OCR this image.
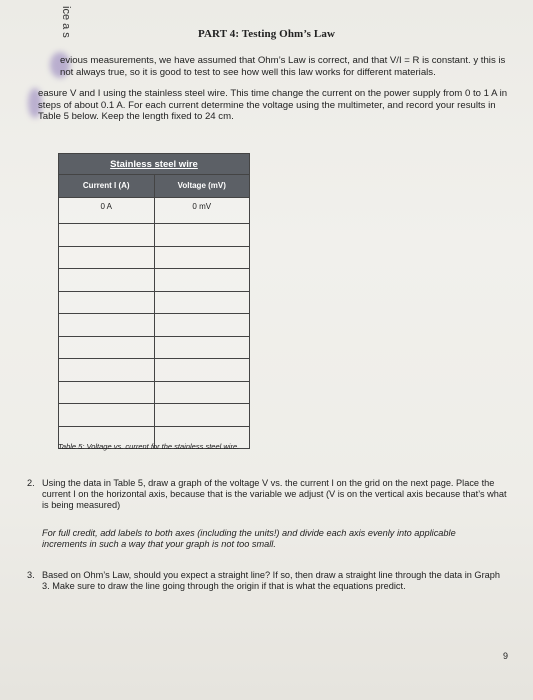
ice a s	PART 4: Testing Ohm’s Law
evious measurements, we have assumed that Ohm’s Law is correct, and that V/I = R is constant. y this is not always true, so it is good to test to see how well this law works for different materials.
easure V and I using the stainless steel wire. This time change the current on the power supply from 0 to 1 A in steps of about 0.1 A. For each current determine the voltage using the multimeter, and record your results in Table 5 below. Keep the length fixed to 24 cm.
Stainless steel wire	
Current I (A)	Voltage (mV)
0 A	0 mV

Table 5: Voltage vs. current for the stainless steel wire.
2. Using the data in Table 5, draw a graph of the voltage V vs. the current I on the grid on the next page. Place the current I on the horizontal axis, because that is the variable we adjust (V is on the vertical axis because that’s what is being measured)
For full credit, add labels to both axes (including the units!) and divide each axis evenly into applicable increments in such a way that your graph is not too small.
3. Based on Ohm’s Law, should you expect a straight line? If so, then draw a straight line through the data in Graph 3. Make sure to draw the line going through the origin if that is what the equations predict.
9
